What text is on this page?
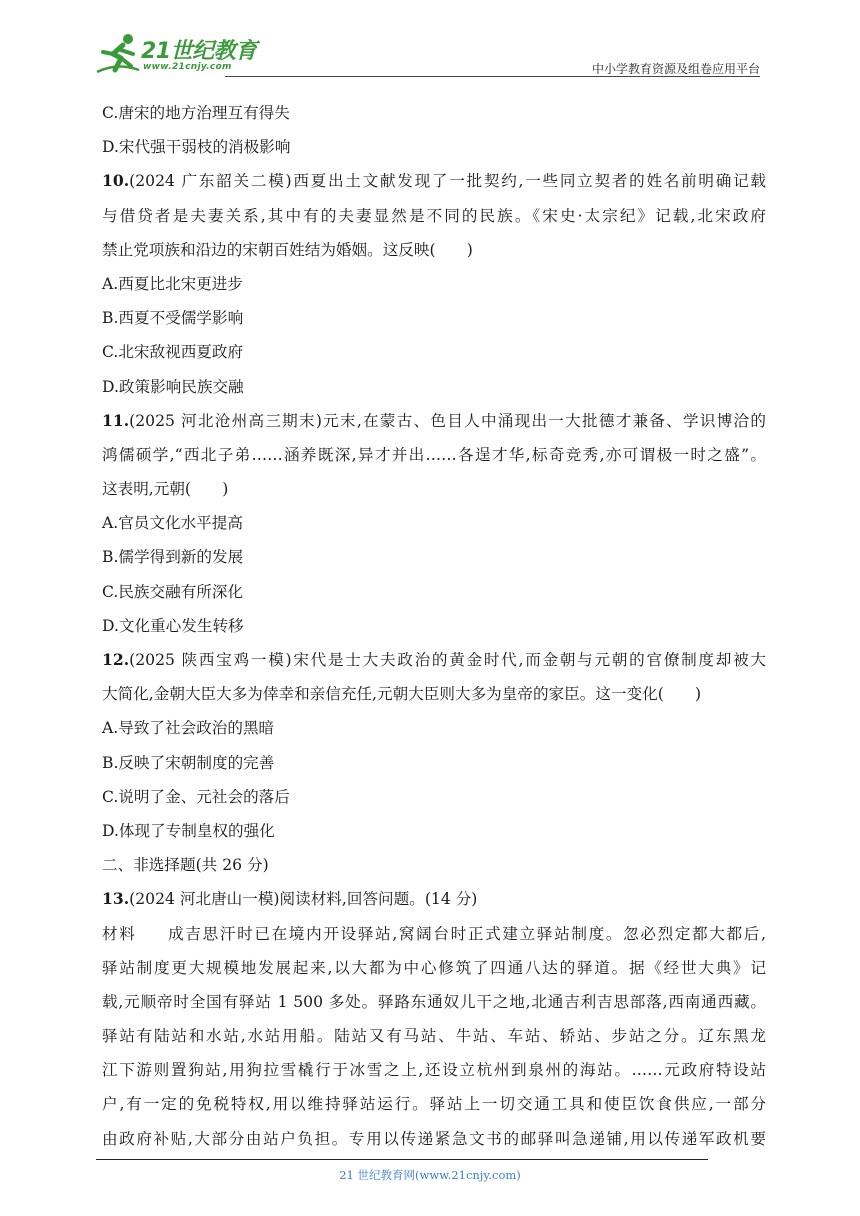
21世纪教育
www.21cnjy.com	中小学教育资源及组卷应用平台
C.唐宋的地方治理互有得失
D.宋代强干弱枝的消极影响
10.(2024 广东韶关二模)西夏出土文献发现了一批契约,一些同立契者的姓名前明确记载
与借贷者是夫妻关系,其中有的夫妻显然是不同的民族。《宋史·太宗纪》记载,北宋政府
禁止党项族和沿边的宋朝百姓结为婚姻。这反映(　　)
A.西夏比北宋更进步
B.西夏不受儒学影响
C.北宋敌视西夏政府
D.政策影响民族交融
11.(2025 河北沧州高三期末)元末,在蒙古、色目人中涌现出一大批德才兼备、学识博洽的
鸿儒硕学,“西北子弟……涵养既深,异才并出……各逞才华,标奇竞秀,亦可谓极一时之盛”。
这表明,元朝(　　)
A.官员文化水平提高
B.儒学得到新的发展
C.民族交融有所深化
D.文化重心发生转移
12.(2025 陕西宝鸡一模)宋代是士大夫政治的黄金时代,而金朝与元朝的官僚制度却被大
大简化,金朝大臣大多为倖幸和亲信充任,元朝大臣则大多为皇帝的家臣。这一变化(　　)
A.导致了社会政治的黑暗
B.反映了宋朝制度的完善
C.说明了金、元社会的落后
D.体现了专制皇权的强化
二、非选择题(共 26 分)
13.(2024 河北唐山一模)阅读材料,回答问题。(14 分)
材料 成吉思汗时已在境内开设驿站,窝阔台时正式建立驿站制度。忽必烈定都大都后,
驿站制度更大规模地发展起来,以大都为中心修筑了四通八达的驿道。据《经世大典》记
载,元顺帝时全国有驿站 1 500 多处。驿路东通奴儿干之地,北通吉利吉思部落,西南通西藏。
驿站有陆站和水站,水站用船。陆站又有马站、牛站、车站、轿站、步站之分。辽东黑龙
江下游则置狗站,用狗拉雪橇行于冰雪之上,还设立杭州到泉州的海站。……元政府特设站
户,有一定的免税特权,用以维持驿站运行。驿站上一切交通工具和使臣饮食供应,一部分
由政府补贴,大部分由站户负担。专用以传递紧急文书的邮驿叫急递铺,用以传递军政机要
21 世纪教育网(www.21cnjy.com)
